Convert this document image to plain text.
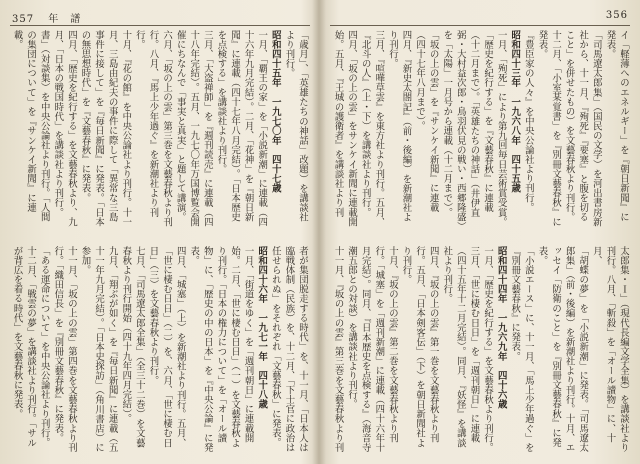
357 年　譜	356

イ「軽薄へのエネルギー」を『朝日新聞』に発表。

「司馬遼太郎集」（国民の文学）を河出書房新社から、十一月、『殉死』『要塞』と腹を切ること」を併せたもの）を文藝春秋より刊行。十二月、「小室某覚書」を『別冊文藝春秋』に発表。

『豊臣家の人々』を中央公論社より刊行。

昭和四十三年　一九六八年　四十五歳

一月、「殉死」により第九回毎日芸術賞受賞。「歴史を紀行する」を『文藝春秋』に連載（十二月まで）。「英雄たちの神話」（井伊直弼・大村益次郎・鳥羽伏見の戦い・西郷隆盛）を「太陽」一月号から連載（十二月まで）。「坂の上の雲」を『サンケイ新聞』に連載（四十七年八月まで）。

四月、『新史太閤記』（前・後編）を新潮社より刊行。

三月、『喧嘩草雲』を東方社より刊行。五月、『北斗の人』（上・下）を講談社より刊行。

四月、「坂の上の雲」をサンケイ新聞に連載開始。五月、『王城の護衛者』を講談社より刊

太郎集・Ｉ」（現代長編文学全集）を講談社より刊行。八月、「斬殺」を「オール讀物」に、十月、

「胡蝶の夢」を「小説新潮」に発表。「司馬遼太郎集」（前・後編）を新潮社より刊行。十月、エッセイ「防衛のこと」を『別冊文藝春秋』に発表。

「小説エース」に、十一月、「馬上少年過ぐ」を『別冊文藝春秋』に発表。

昭和四十四年　一九六九年　四十六歳

一月、「歴史を紀行する」を文藝春秋より刊行。三月、「世に棲む日日」を「週刊朝日」に連載（四十五年十二月完結）。同月、『妖怪』を講談社より刊行。

四月、『坂の上の雲』第一巻を文藝春秋より刊行。五月、「日本剣客伝」（下）を朝日新聞社より刊行。

十月、『坂の上の雲』第二巻を文藝春秋より刊行。「城塞」を「週刊新潮」に連載（四十六年十月完結）。同月、『日本歴史を点検する』（海音寺潮五郎との対談）を講談社より刊行。

十一月、『坂の上の雲』第三巻を文藝春秋より刊

「歳月」、「英雄たちの神話」改題）を講談社より刊行。

昭和四十五年　一九七〇年　四十七歳

一月、「覇王の家」を「小説新潮」に連載（四十六年九月完結）。二月、「花神」を『朝日新聞』に連載（四十七年八月完結）。「日本歴史を点検する」を講談社より刊行。

三月、「大盗禅師」を『週刊読売』に連載（四十八年完結）。五月、一九七〇年万国博覧会開催にちなんで「事実と真実」と題して講演。

六月、「坂の上の雲」第三巻を文藝春秋より刊行。八月、『馬上少年過ぐ』を新潮社より刊行。

十月、『花の館』を中央公論社より刊行。十一月、三島由紀夫の事件に際して「異常な三島事件に接して」を『毎日新聞』に発表。「日本の無思想時代」を『文藝春秋』に発表。

四月、「歴史を紀行する」を文藝春秋より、九月、「日本の戦国時代」を講談社より刊行。

書」（対談集）を中央公論社より刊行。「人間の集団について」を『サンケイ新聞』に連載。

者が集団脱走する時代」を、十一月、「日本人は臨戦体制（民族）を、十二月、「下士官に政治は任せられぬ」をそれぞれ「文藝春秋」に発表。

昭和四十六年　一九七一年　四十八歳

一月、「街道をゆく」を「週刊朝日」に連載開始。二月、「世に棲む日日」（一）を文藝春秋より刊行。「日本の権力について」を「オール讀物」に、「歴史の中の日本」を『中央公論』に発表。

四月、「城塞」（上）を新潮社より刊行。五月、「世に棲む日日」（二）を、六月、「世に棲む日日」（三）を文藝春秋より刊行。

七月、「司馬遼太郎全集」（全三十二巻）を文藝春秋より刊行開始（四十九年四月完結）。

九月、「翔ぶが如く」を『毎日新聞』に連載（五十一年九月完結）。「日本史探訪」（角川書店）に参加。

十一月、「坂の上の雲」第四巻を文藝春秋より刊行。「織田信長」を『別冊文藝春秋』に発表。「ある運命について」を中央公論社より刊行。

十二月、「戦雲の夢」を講談社より刊行。「サルが背広を着る時代」を文藝春秋に発表。
